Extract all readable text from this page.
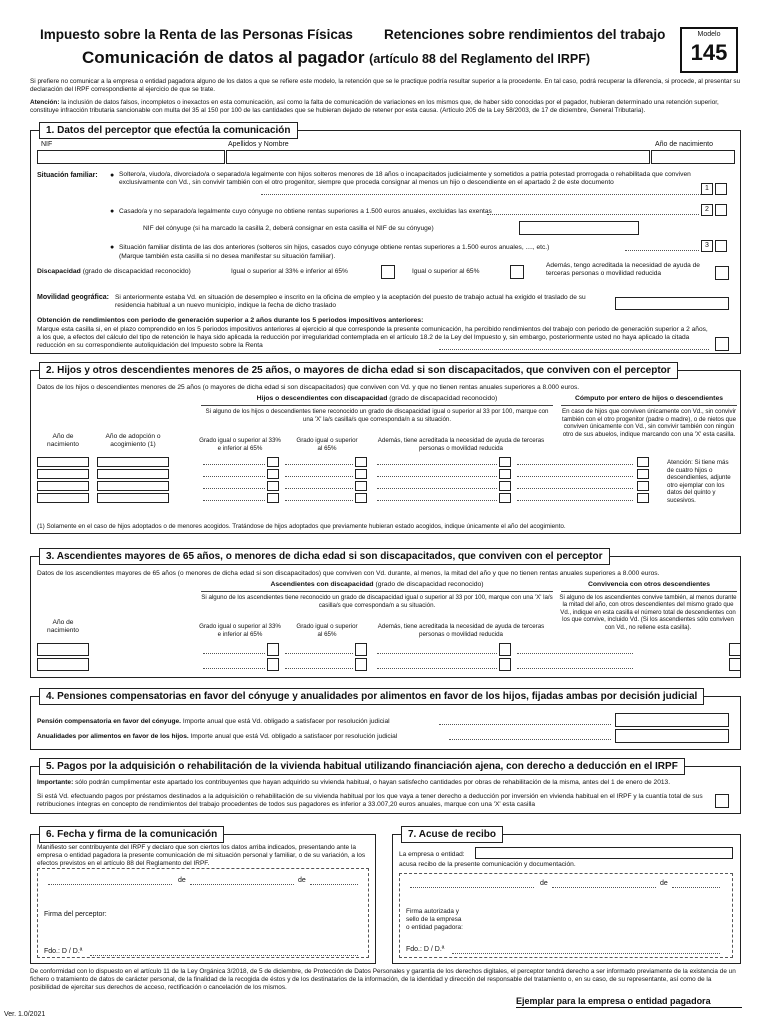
Impuesto sobre la Renta de las Personas Físicas Retenciones sobre rendimientos del trabajo
Comunicación de datos al pagador (artículo 88 del Reglamento del IRPF)
Modelo
145
Si prefiere no comunicar a la empresa o entidad pagadora alguno de los datos a que se refiere este modelo, la retención que se le practique podría resultar superior a la procedente. En tal caso, podrá recuperar la diferencia, si procede, al presentar su declaración del IRPF correspondiente al ejercicio de que se trate.
Atención: la inclusión de datos falsos, incompletos o inexactos en esta comunicación, así como la falta de comunicación de variaciones en los mismos que, de haber sido conocidas por el pagador, hubieran determinado una retención superior, constituye infracción tributaria sancionable con multa del 35 al 150 por 100 de las cantidades que se hubieran dejado de retener por esta causa. (Artículo 205 de la Ley 58/2003, de 17 de diciembre, General Tributaria).
1. Datos del perceptor que efectúa la comunicación
NIF	Apellidos y Nombre	Año de nacimiento
Situación familiar: ● Soltero/a, viudo/a, divorciado/a o separado/a legalmente con hijos solteros menores de 18 años o incapacitados judicialmente y sometidos a patria potestad prorrogada o rehabilitada que conviven exclusivamente con Vd., sin convivir también con el otro progenitor, siempre que proceda consignar al menos un hijo o descendiente en el apartado 2 de este documento
1
● Casado/a y no separado/a legalmente cuyo cónyuge no obtiene rentas superiores a 1.500 euros anuales, excluidas las exentas	2
NIF del cónyuge (si ha marcado la casilla 2, deberá consignar en esta casilla el NIF de su cónyuge)
● Situación familiar distinta de las dos anteriores (solteros sin hijos, casados cuyo cónyuge obtiene rentas superiores a 1.500 euros anuales, ...., etc.)
(Marque también esta casilla si no desea manifestar su situación familiar).
3
Discapacidad (grado de discapacidad reconocido)	Igual o superior al 33% e inferior al 65%	Igual o superior al 65%
Además, tengo acreditada la necesidad de ayuda de terceras personas o movilidad reducida
Movilidad geográfica: Si anteriormente estaba Vd. en situación de desempleo e inscrito en la oficina de empleo y la aceptación del puesto de trabajo actual ha exigido el traslado de su residencia habitual a un nuevo municipio, indique la fecha de dicho traslado
Obtención de rendimientos con periodo de generación superior a 2 años durante los 5 periodos impositivos anteriores:
Marque esta casilla si, en el plazo comprendido en los 5 periodos impositivos anteriores al ejercicio al que corresponde la presente comunicación, ha percibido rendimientos del trabajo con periodo de generación superior a 2 años, a los que, a efectos del cálculo del tipo de retención le haya sido aplicada la reducción por irregularidad contemplada en el artículo 18.2 de la Ley del Impuesto y, sin embargo, posteriormente usted no haya aplicado la citada reducción en su correspondiente autoliquidación del Impuesto sobre la Renta
2. Hijos y otros descendientes menores de 25 años, o mayores de dicha edad si son discapacitados, que conviven con el perceptor
Datos de los hijos o descendientes menores de 25 años (o mayores de dicha edad si son discapacitados) que conviven con Vd. y que no tienen rentas anuales superiores a 8.000 euros.
Hijos o descendientes con discapacidad (grado de discapacidad reconocido)	Cómputo por entero de hijos o descendientes
Si alguno de los hijos o descendientes tiene reconocido un grado de discapacidad igual o superior al 33 por 100, marque con una 'X' la/s casilla/s que corresponda/n a su situación.
En caso de hijos que conviven únicamente con Vd., sin convivir también con el otro progenitor (padre o madre), o de nietos que conviven únicamente con Vd., sin convivir también con ningún otro de sus abuelos, indique marcando con una 'X' esta casilla.
Año de nacimiento
Año de adopción o acogimiento (1)
Grado igual o superior al 33% e inferior al 65%
Grado igual o superior al 65%
Además, tiene acreditada la necesidad de ayuda de terceras personas o movilidad reducida
Atención: Si tiene más de cuatro hijos o descendientes, adjunte otro ejemplar con los datos del quinto y sucesivos.
(1) Solamente en el caso de hijos adoptados o de menores acogidos. Tratándose de hijos adoptados que previamente hubieran estado acogidos, indique únicamente el año del acogimiento.
3. Ascendientes mayores de 65 años, o menores de dicha edad si son discapacitados, que conviven con el perceptor
Datos de los ascendientes mayores de 65 años (o menores de dicha edad si son discapacitados) que conviven con Vd. durante, al menos, la mitad del año y que no tienen rentas anuales superiores a 8.000 euros.
Ascendientes con discapacidad (grado de discapacidad reconocido)	Convivencia con otros descendientes
Si alguno de los ascendientes tiene reconocido un grado de discapacidad igual o superior al 33 por 100, marque con una 'X' la/s casilla/s que corresponda/n a su situación.
Si alguno de los ascendientes convive también, al menos durante la mitad del año, con otros descendientes del mismo grado que Vd., indique en esta casilla el número total de descendientes con los que convive, incluido Vd. (Si los ascendientes sólo conviven con Vd., no rellene esta casilla).
Año de nacimiento
Grado igual o superior al 33% e inferior al 65%
Grado igual o superior al 65%
Además, tiene acreditada la necesidad de ayuda de terceras personas o movilidad reducida
4. Pensiones compensatorias en favor del cónyuge y anualidades por alimentos en favor de los hijos, fijadas ambas por decisión judicial
Pensión compensatoria en favor del cónyuge. Importe anual que está Vd. obligado a satisfacer por resolución judicial
Anualidades por alimentos en favor de los hijos. Importe anual que está Vd. obligado a satisfacer por resolución judicial
5. Pagos por la adquisición o rehabilitación de la vivienda habitual utilizando financiación ajena, con derecho a deducción en el IRPF
Importante: sólo podrán cumplimentar este apartado los contribuyentes que hayan adquirido su vivienda habitual, o hayan satisfecho cantidades por obras de rehabilitación de la misma, antes del 1 de enero de 2013.
Si está Vd. efectuando pagos por préstamos destinados a la adquisición o rehabilitación de su vivienda habitual por los que vaya a tener derecho a deducción por inversión en vivienda habitual en el IRPF y la cuantía total de sus retribuciones íntegras en concepto de rendimientos del trabajo procedentes de todos sus pagadores es inferior a 33.007,20 euros anuales, marque con una 'X' esta casilla
6. Fecha y firma de la comunicación
Manifiesto ser contribuyente del IRPF y declaro que son ciertos los datos arriba indicados, presentando ante la empresa o entidad pagadora la presente comunicación de mi situación personal y familiar, o de su variación, a los efectos previstos en el artículo 88 del Reglamento del IRPF.
de	de
Firma del perceptor:
Fdo.: D / D.ª
7. Acuse de recibo
La empresa o entidad:
acusa recibo de la presente comunicación y documentación.
de	de
Firma autorizada y sello de la empresa o entidad pagadora:
Fdo.: D / D.ª
De conformidad con lo dispuesto en el artículo 11 de la Ley Orgánica 3/2018, de 5 de diciembre, de Protección de Datos Personales y garantía de los derechos digitales, el perceptor tendrá derecho a ser informado previamente de la existencia de un fichero o tratamiento de datos de carácter personal, de la finalidad de la recogida de éstos y de los destinatarios de la información, de la identidad y dirección del responsable del tratamiento o, en su caso, de su representante, así como de la posibilidad de ejercitar sus derechos de acceso, rectificación o cancelación de los mismos.
Ejemplar para la empresa o entidad pagadora
Ver. 1.0/2021
